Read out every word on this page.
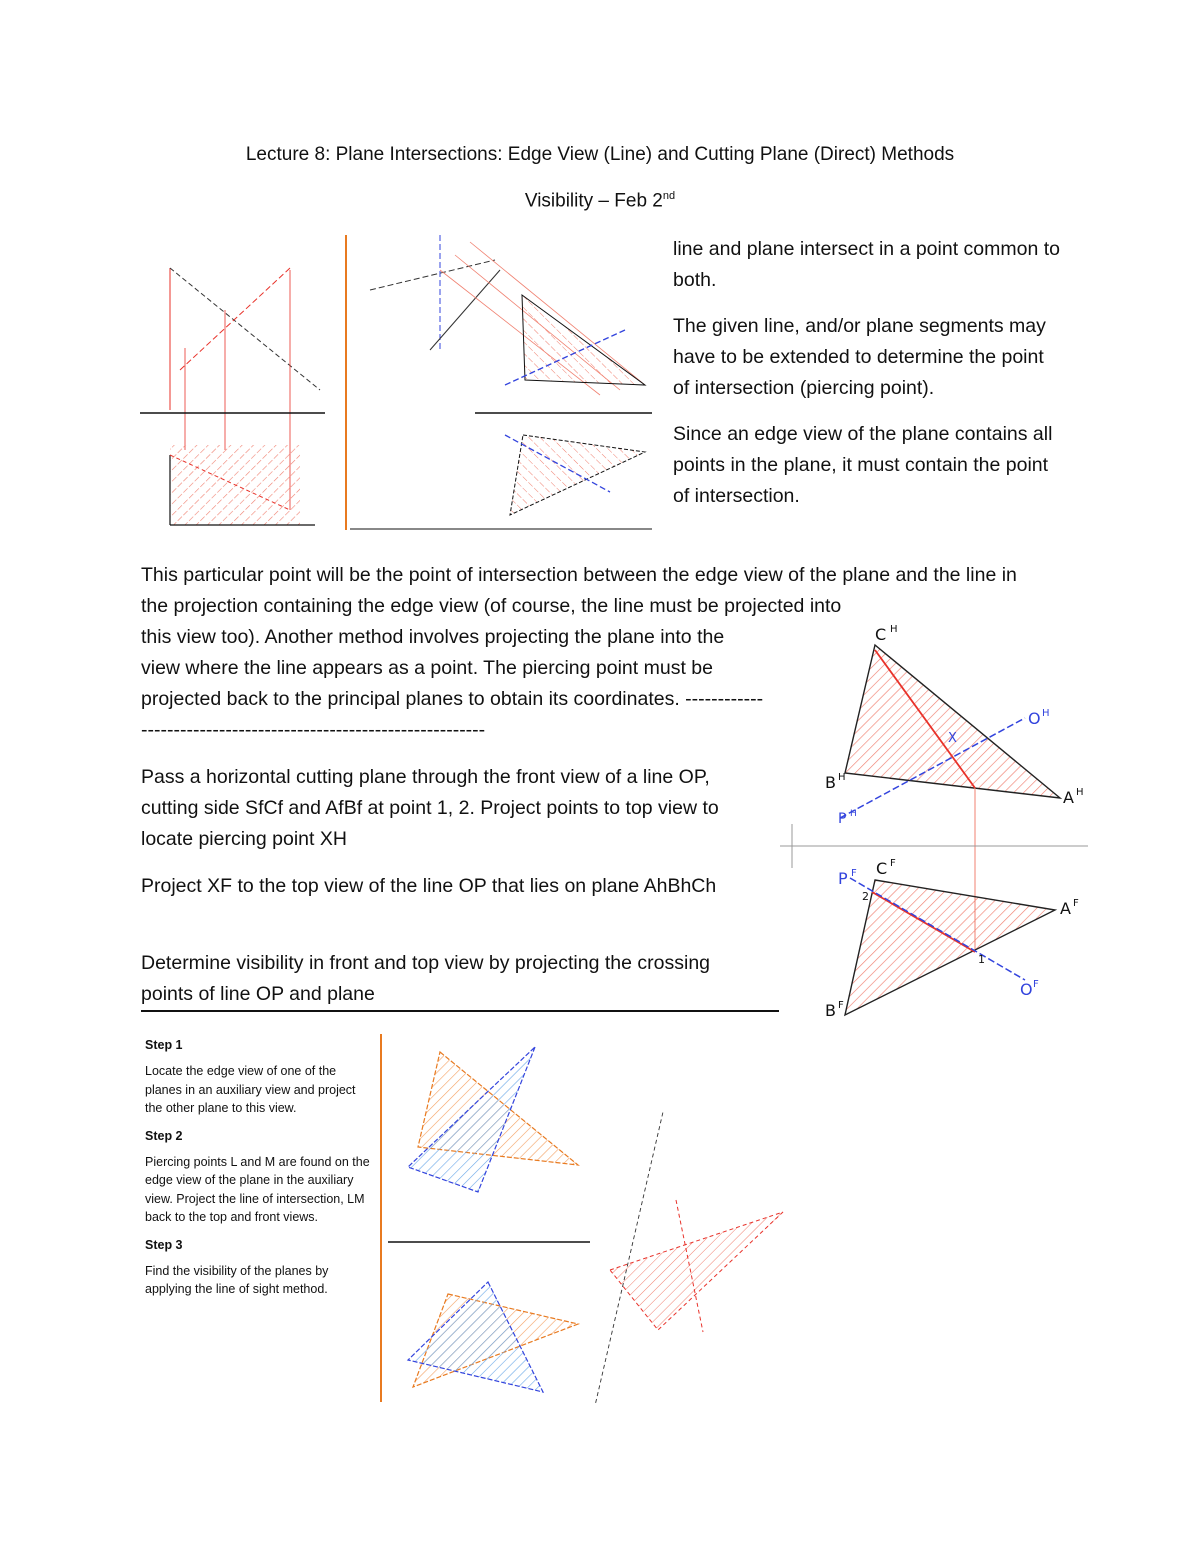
Lecture 8: Plane Intersections: Edge View (Line) and Cutting Plane (Direct) Methods
Visibility – Feb 2nd

line and plane intersect in a point common to both.

The given line, and/or plane segments may have to be extended to determine the point of intersection (piercing point).

Since an edge view of the plane contains all points in the plane, it must contain the point of intersection.

This particular point will be the point of intersection between the edge view of the plane and the line in the projection containing the edge view (of course, the line must be projected into

this view too). Another method involves projecting the plane into the view where the line appears as a point. The piercing point must be projected back to the principal planes to obtain its coordinates. -----------------------------------------------------------------

Pass a horizontal cutting plane through the front view of a line OP, cutting side SfCf and AfBf at point 1, 2. Project points to top view to locate piercing point XH

Project XF to the top view of the line OP that lies on plane AhBhCh

Determine visibility in front and top view by projecting the crossing points of line OP and plane

C H
O H
B H
P H
A H
X
C F
P F
A F
O F
B F
1
2

Step 1

Locate the edge view of one of the planes in an auxiliary view and project the other plane to this view.

Step 2

Piercing points L and M are found on the edge view of the plane in the auxiliary view. Project the line of intersection, LM back to the top and front views.

Step 3

Find the visibility of the planes by applying the line of sight method.
